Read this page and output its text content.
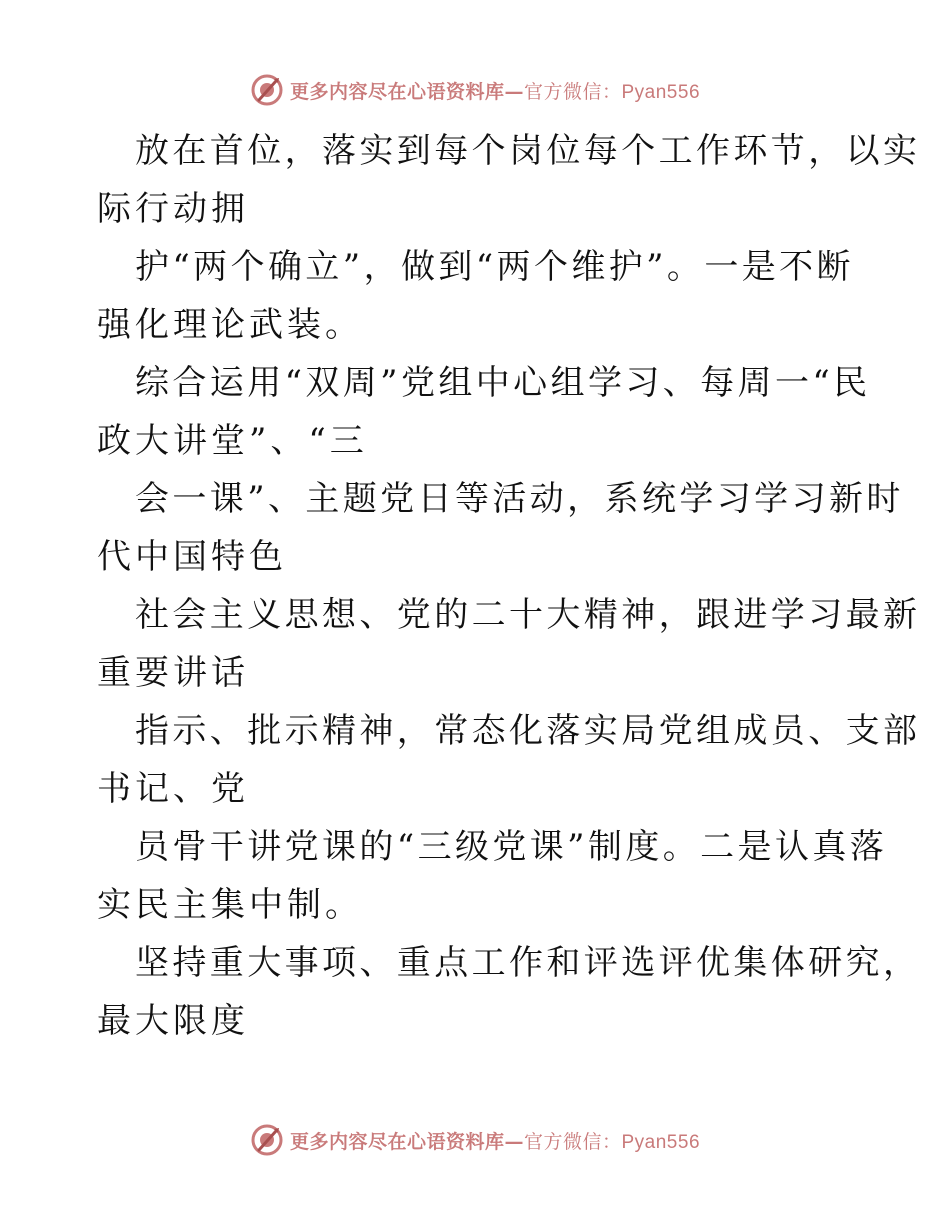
更多内容尽在心语资料库—官方微信：Pyan556
放在首位，落实到每个岗位每个工作环节，以实
际行动拥
护“两个确立”，做到“两个维护”。一是不断
强化理论武装。
综合运用“双周”党组中心组学习、每周一“民
政大讲堂”、“三
会一课”、主题党日等活动，系统学习学习新时
代中国特色
社会主义思想、党的二十大精神，跟进学习最新
重要讲话
指示、批示精神，常态化落实局党组成员、支部
书记、党
员骨干讲党课的“三级党课”制度。二是认真落
实民主集中制。
坚持重大事项、重点工作和评选评优集体研究，
最大限度
更多内容尽在心语资料库—官方微信：Pyan556
